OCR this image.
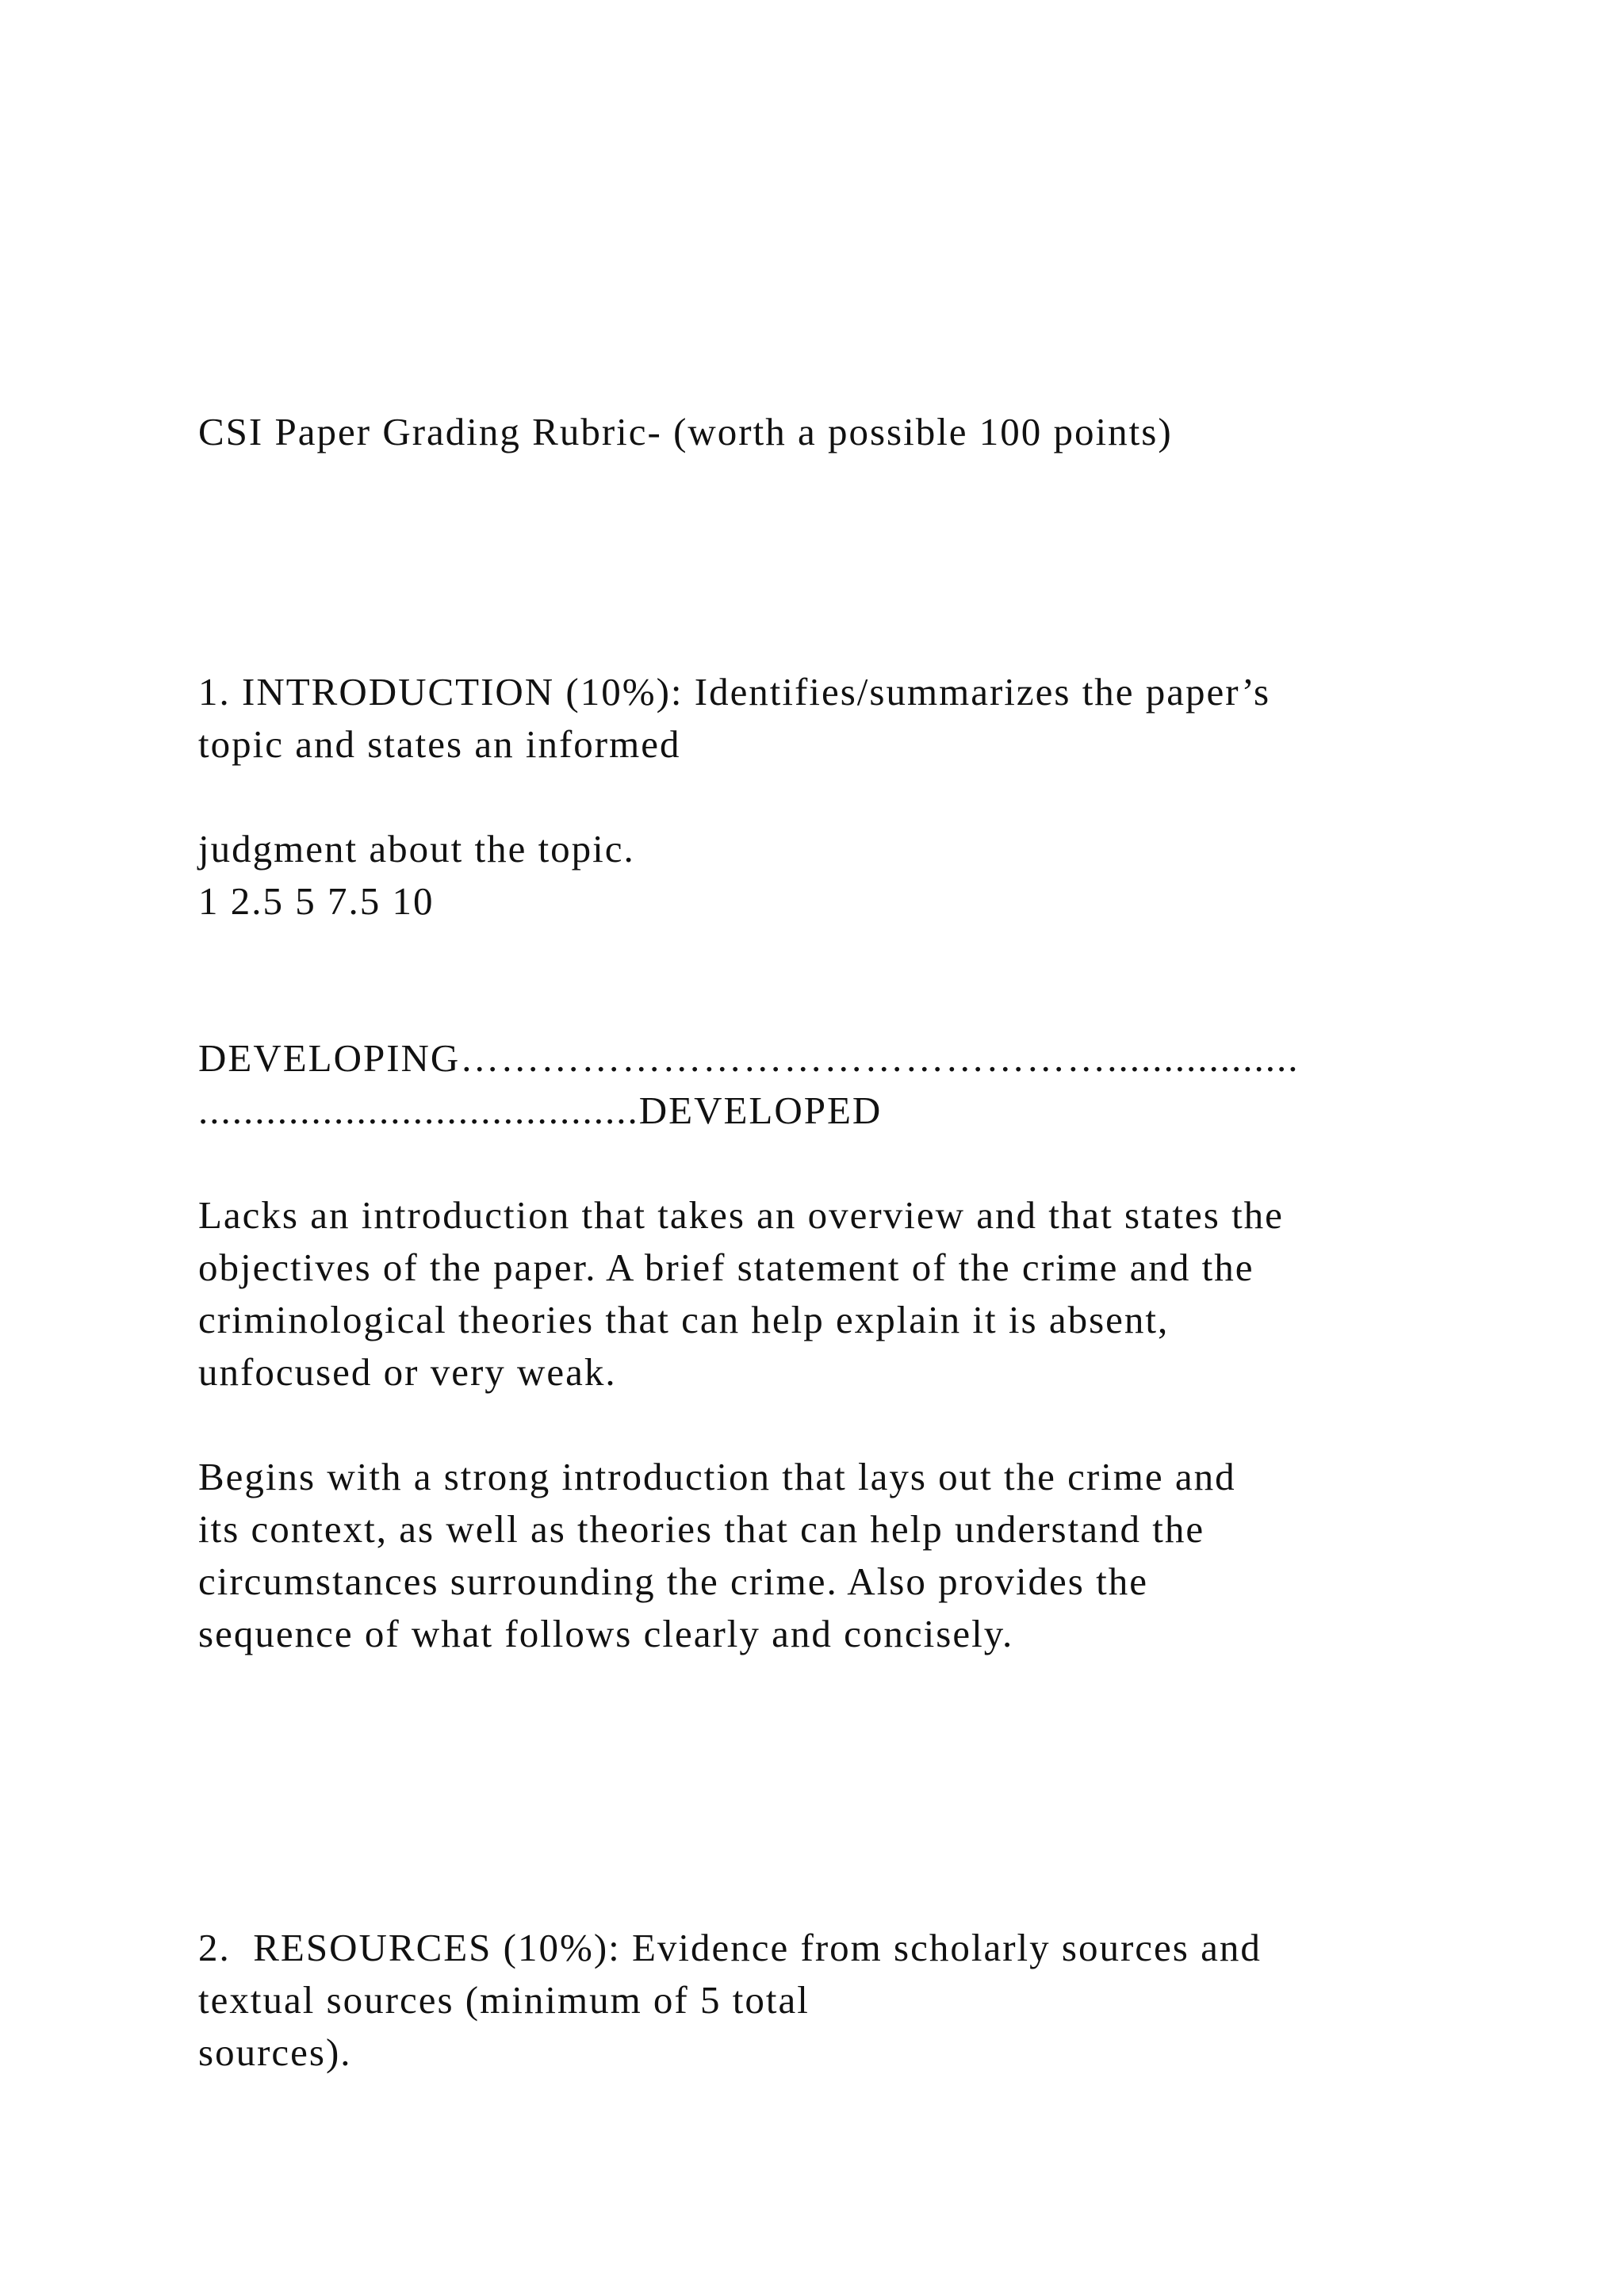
CSI Paper Grading Rubric- (worth a possible 100 points)
1. INTRODUCTION (10%): Identifies/summarizes the paper’s
topic and states an informed
judgment about the topic.
1 2.5 5 7.5 10
DEVELOPING………………………………………….................
.......................................DEVELOPED
Lacks an introduction that takes an overview and that states the
objectives of the paper. A brief statement of the crime and the
criminological theories that can help explain it is absent,
unfocused or very weak.
Begins with a strong introduction that lays out the crime and
its context, as well as theories that can help understand the
circumstances surrounding the crime. Also provides the
sequence of what follows clearly and concisely.
2.  RESOURCES (10%): Evidence from scholarly sources and
textual sources (minimum of 5 total
sources).
